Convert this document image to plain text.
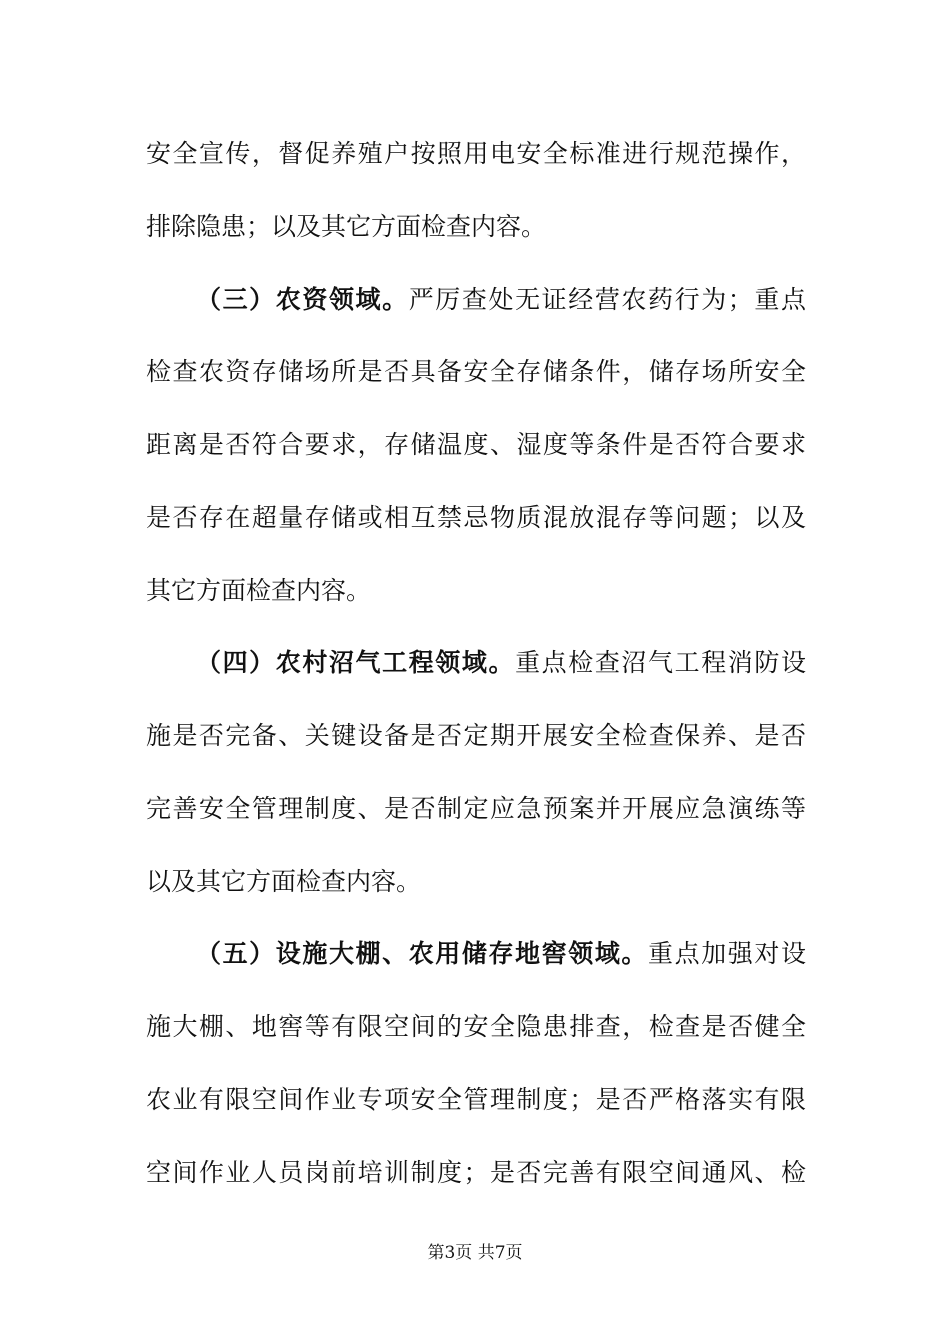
安全宣传，督促养殖户按照用电安全标准进行规范操作，
排除隐患；以及其它方面检查内容。
（三）农资领域。严厉查处无证经营农药行为；重点
检查农资存储场所是否具备安全存储条件，储存场所安全
距离是否符合要求，存储温度、湿度等条件是否符合要求
是否存在超量存储或相互禁忌物质混放混存等问题；以及
其它方面检查内容。
（四）农村沼气工程领域。重点检查沼气工程消防设
施是否完备、关键设备是否定期开展安全检查保养、是否
完善安全管理制度、是否制定应急预案并开展应急演练等
以及其它方面检查内容。
（五）设施大棚、农用储存地窖领域。重点加强对设
施大棚、地窖等有限空间的安全隐患排查，检查是否健全
农业有限空间作业专项安全管理制度；是否严格落实有限
空间作业人员岗前培训制度；是否完善有限空间通风、检
第3页 共7页
